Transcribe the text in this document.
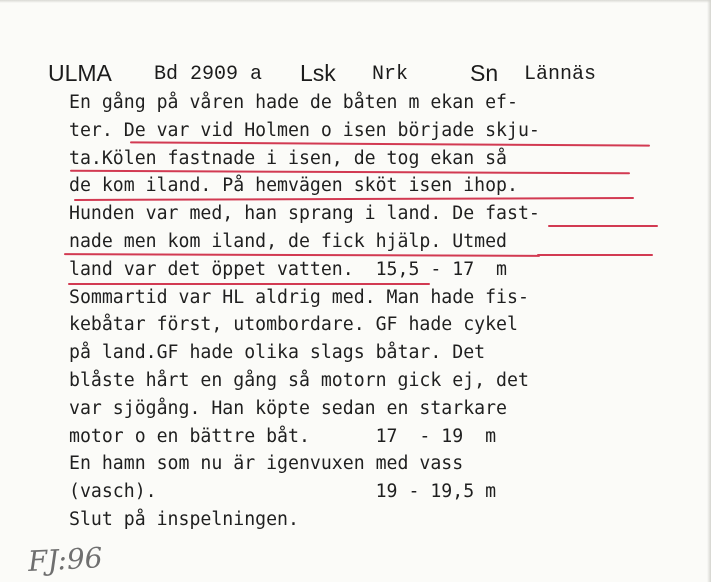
ULMA Bd 2909 a Lsk Nrk	Sn Lännäs
En gång på våren hade de båten m ekan ef-
ter. De var vid Holmen o isen började skju-
ta.Kölen fastnade i isen, de tog ekan så
de kom iland. På hemvägen sköt isen ihop.
Hunden var med, han sprang i land. De fast-
nade men kom iland, de fick hjälp. Utmed
land var det öppet vatten.  15,5 - 17  m
Sommartid var HL aldrig med. Man hade fis-
kebåtar först, utombordare. GF hade cykel
på land.GF hade olika slags båtar. Det
blåste hårt en gång så motorn gick ej, det
var sjögång. Han köpte sedan en starkare
motor o en bättre båt.      17  - 19  m
En hamn som nu är igenvuxen med vass
(vasch).                    19 - 19,5 m
Slut på inspelningen.
FJ:96
